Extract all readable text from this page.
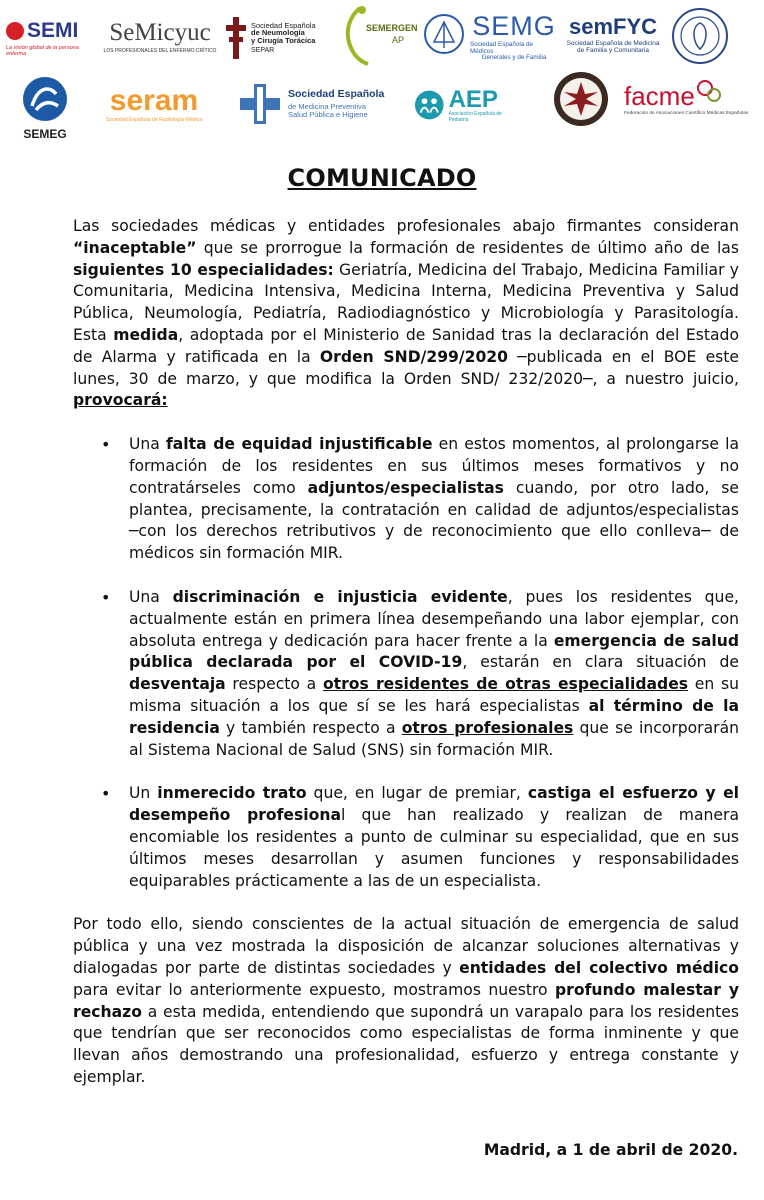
SEMI
La visión global de la persona enferma
SeMicyuc
LOS PROFESIONALES DEL ENFERMO CRÍTICO
Sociedad Española
de Neumología
y Cirugía Torácica
SEPAR
SEMERGEN
AP	SEMG
Sociedad Española de Médicos
Generales y de Familia
semFYC
Sociedad Española de Medicina
de Familia y Comunitaria
SEMEG
seram
Sociedad Española de Radiología Médica
Sociedad Española
de Medicina Preventiva
Salud Pública e Higiene
AEP
Asociación Española de Pediatría
facme
Federación de Asociaciones Científico Médicas Españolas
COMUNICADO

Las sociedades médicas y entidades profesionales abajo firmantes consideran “inaceptable” que se prorrogue la formación de residentes de último año de las siguientes 10 especialidades: Geriatría, Medicina del Trabajo, Medicina Familiar y Comunitaria, Medicina Intensiva, Medicina Interna, Medicina Preventiva y Salud Pública, Neumología, Pediatría, Radiodiagnóstico y Microbiología y Parasitología. Esta medida, adoptada por el Ministerio de Sanidad tras la declaración del Estado de Alarma y ratificada en la Orden SND/299/2020 ─publicada en el BOE este lunes, 30 de marzo, y que modifica la Orden SND/ 232/2020─, a nuestro juicio, provocará:

• Una falta de equidad injustificable en estos momentos, al prolongarse la formación de los residentes en sus últimos meses formativos y no contratárseles como adjuntos/especialistas cuando, por otro lado, se plantea, precisamente, la contratación en calidad de adjuntos/especialistas ─con los derechos retributivos y de reconocimiento que ello conlleva─ de médicos sin formación MIR.
• Una discriminación e injusticia evidente, pues los residentes que, actualmente están en primera línea desempeñando una labor ejemplar, con absoluta entrega y dedicación para hacer frente a la emergencia de salud pública declarada por el COVID-19, estarán en clara situación de desventaja respecto a otros residentes de otras especialidades en su misma situación a los que sí se les hará especialistas al término de la residencia y también respecto a otros profesionales que se incorporarán al Sistema Nacional de Salud (SNS) sin formación MIR.
• Un inmerecido trato que, en lugar de premiar, castiga el esfuerzo y el desempeño profesional que han realizado y realizan de manera encomiable los residentes a punto de culminar su especialidad, que en sus últimos meses desarrollan y asumen funciones y responsabilidades equiparables prácticamente a las de un especialista.

Por todo ello, siendo conscientes de la actual situación de emergencia de salud pública y una vez mostrada la disposición de alcanzar soluciones alternativas y dialogadas por parte de distintas sociedades y entidades del colectivo médico para evitar lo anteriormente expuesto, mostramos nuestro profundo malestar y rechazo a esta medida, entendiendo que supondrá un varapalo para los residentes que tendrían que ser reconocidos como especialistas de forma inminente y que llevan años demostrando una profesionalidad, esfuerzo y entrega constante y ejemplar.

Madrid, a 1 de abril de 2020.
